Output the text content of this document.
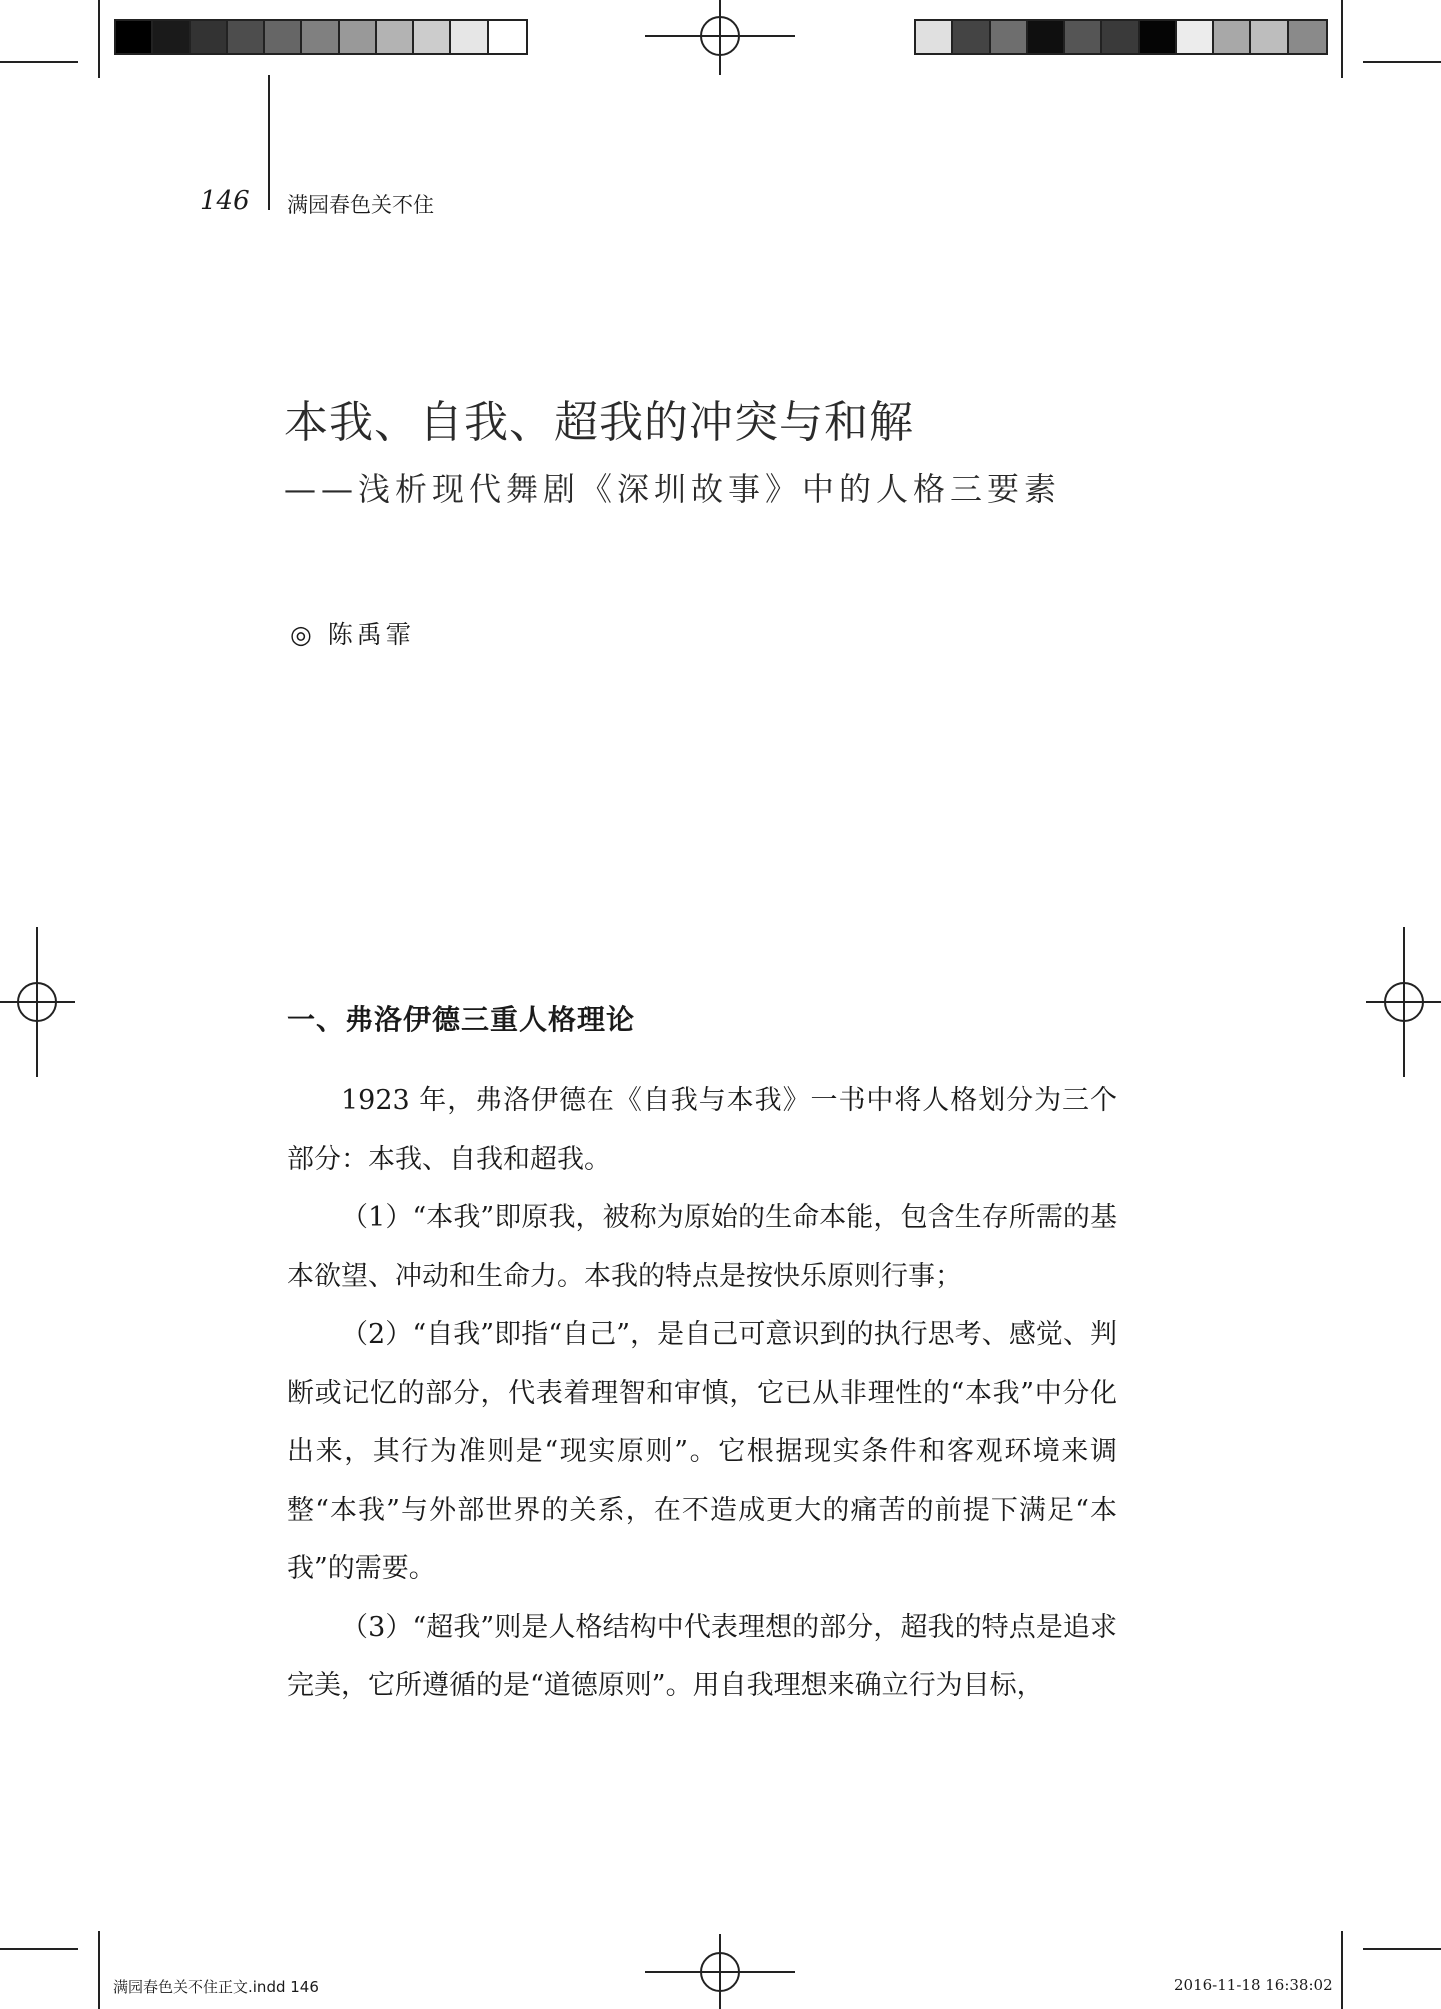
146 满园春色关不住
本我、自我、超我的冲突与和解
——浅析现代舞剧《深圳故事》中的人格三要素
◎ 陈禹霏
一、弗洛伊德三重人格理论

1923 年，弗洛伊德在《自我与本我》一书中将人格划分为三个部分：本我、自我和超我。

（1）“本我”即原我，被称为原始的生命本能，包含生存所需的基本欲望、冲动和生命力。本我的特点是按快乐原则行事；

（2）“自我”即指“自己”，是自己可意识到的执行思考、感觉、判断或记忆的部分，代表着理智和审慎，它已从非理性的“本我”中分化出来，其行为准则是“现实原则”。它根据现实条件和客观环境来调整“本我”与外部世界的关系，在不造成更大的痛苦的前提下满足“本我”的需要。

（3）“超我”则是人格结构中代表理想的部分，超我的特点是追求完美，它所遵循的是“道德原则”。用自我理想来确立行为目标，

满园春色关不住正文.indd 146	2016-11-18 16:38:02
